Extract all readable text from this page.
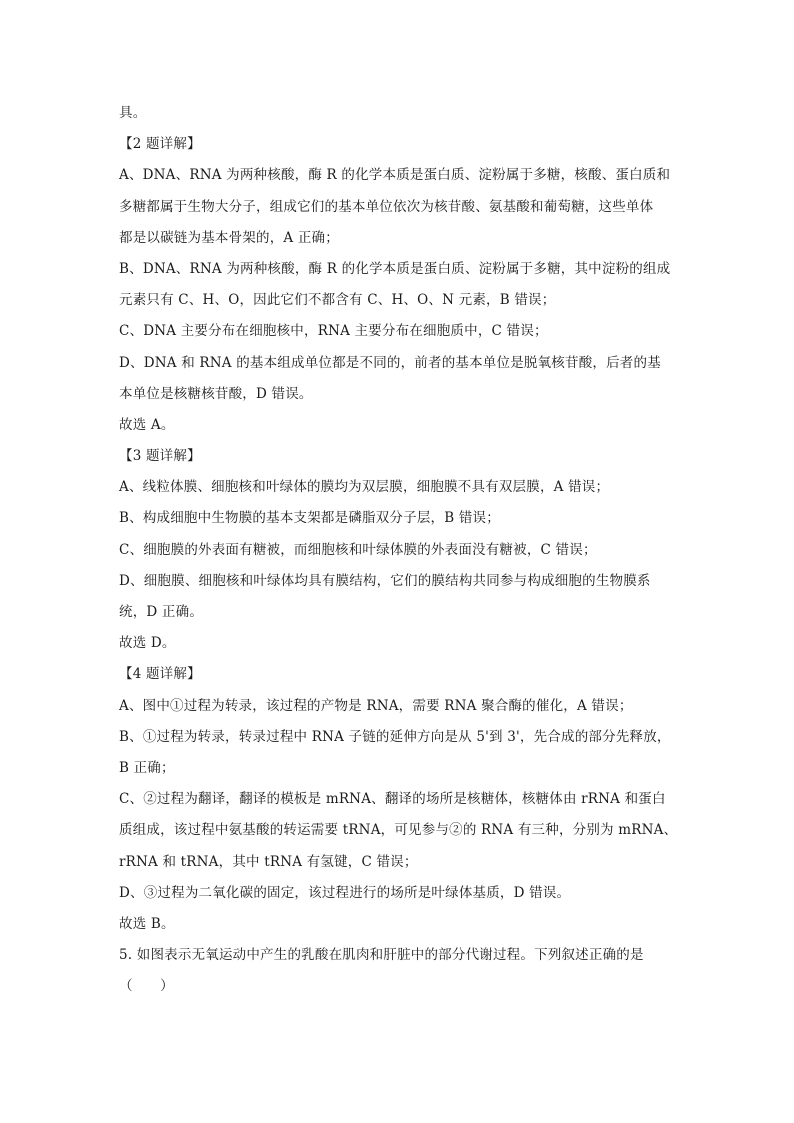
具。
【2 题详解】
A、DNA、RNA 为两种核酸，酶 R 的化学本质是蛋白质、淀粉属于多糖，核酸、蛋白质和
多糖都属于生物大分子，组成它们的基本单位依次为核苷酸、氨基酸和葡萄糖，这些单体
都是以碳链为基本骨架的，A 正确；
B、DNA、RNA 为两种核酸，酶 R 的化学本质是蛋白质、淀粉属于多糖，其中淀粉的组成
元素只有 C、H、O，因此它们不都含有 C、H、O、N 元素，B 错误；
C、DNA 主要分布在细胞核中，RNA 主要分布在细胞质中，C 错误；
D、DNA 和 RNA 的基本组成单位都是不同的，前者的基本单位是脱氧核苷酸，后者的基
本单位是核糖核苷酸，D 错误。
故选 A。
【3 题详解】
A、线粒体膜、细胞核和叶绿体的膜均为双层膜，细胞膜不具有双层膜，A 错误；
B、构成细胞中生物膜的基本支架都是磷脂双分子层，B 错误；
C、细胞膜的外表面有糖被，而细胞核和叶绿体膜的外表面没有糖被，C 错误；
D、细胞膜、细胞核和叶绿体均具有膜结构，它们的膜结构共同参与构成细胞的生物膜系
统，D 正确。
故选 D。
【4 题详解】
A、图中①过程为转录，该过程的产物是 RNA，需要 RNA 聚合酶的催化，A 错误；
B、①过程为转录，转录过程中 RNA 子链的延伸方向是从 5'到 3'，先合成的部分先释放，
B 正确；
C、②过程为翻译，翻译的模板是 mRNA、翻译的场所是核糖体，核糖体由 rRNA 和蛋白
质组成，该过程中氨基酸的转运需要 tRNA，可见参与②的 RNA 有三种，分别为 mRNA、
rRNA 和 tRNA，其中 tRNA 有氢键，C 错误；
D、③过程为二氧化碳的固定，该过程进行的场所是叶绿体基质，D 错误。
故选 B。
5. 如图表示无氧运动中产生的乳酸在肌肉和肝脏中的部分代谢过程。下列叙述正确的是
（　　）
